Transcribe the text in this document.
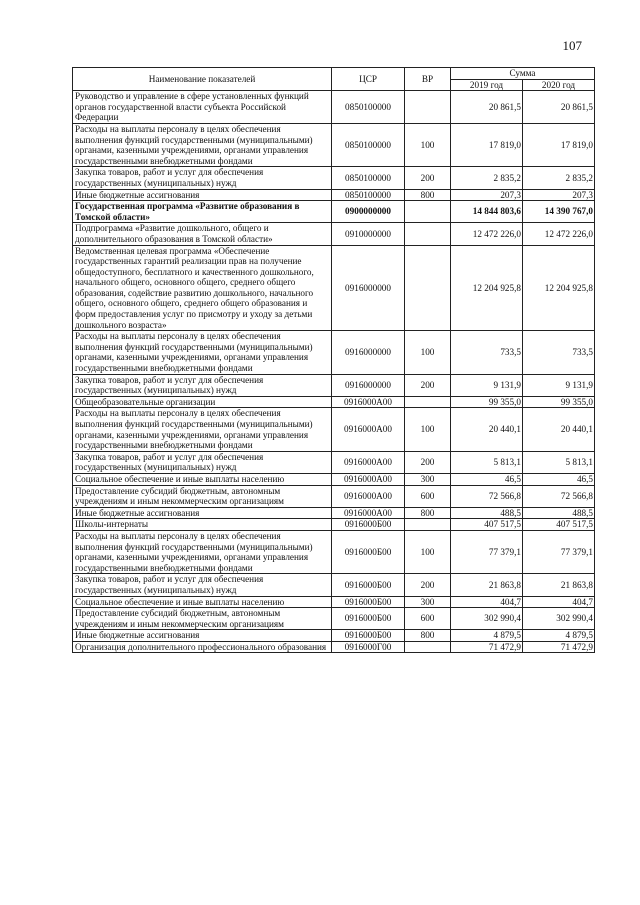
107
Наименование показателей	ЦСР	ВР	Сумма	
			2019 год	2020 год
Руководство и управление в сфере установленных функций органов государственной власти субъекта Российской Федерации	0850100000		20 861,5	20 861,5
Расходы на выплаты персоналу в целях обеспечения выполнения функций государственными (муниципальными) органами, казенными учреждениями, органами управления государственными внебюджетными фондами	0850100000	100	17 819,0	17 819,0
Закупка товаров, работ и услуг для обеспечения государственных (муниципальных) нужд	0850100000	200	2 835,2	2 835,2
Иные бюджетные ассигнования	0850100000	800	207,3	207,3
Государственная программа «Развитие образования в Томской области»	0900000000		14 844 803,6	14 390 767,0
Подпрограмма «Развитие дошкольного, общего и дополнительного образования в Томской области»	0910000000		12 472 226,0	12 472 226,0
Ведомственная целевая программа «Обеспечение государственных гарантий реализации прав на получение общедоступного, бесплатного и качественного дошкольного, начального общего, основного общего, среднего общего образования, содействие развитию дошкольного, начального общего, основного общего, среднего общего образования и форм предоставления услуг по присмотру и уходу за детьми дошкольного возраста»	0916000000		12 204 925,8	12 204 925,8
Расходы на выплаты персоналу в целях обеспечения выполнения функций государственными (муниципальными) органами, казенными учреждениями, органами управления государственными внебюджетными фондами	0916000000	100	733,5	733,5
Закупка товаров, работ и услуг для обеспечения государственных (муниципальных) нужд	0916000000	200	9 131,9	9 131,9
Общеобразовательные организации	0916000А00		99 355,0	99 355,0
Расходы на выплаты персоналу в целях обеспечения выполнения функций государственными (муниципальными) органами, казенными учреждениями, органами управления государственными внебюджетными фондами	0916000А00	100	20 440,1	20 440,1
Закупка товаров, работ и услуг для обеспечения государственных (муниципальных) нужд	0916000А00	200	5 813,1	5 813,1
Социальное обеспечение и иные выплаты населению	0916000А00	300	46,5	46,5
Предоставление субсидий бюджетным, автономным учреждениям и иным некоммерческим организациям	0916000А00	600	72 566,8	72 566,8
Иные бюджетные ассигнования	0916000А00	800	488,5	488,5
Школы-интернаты	0916000Б00		407 517,5	407 517,5
Расходы на выплаты персоналу в целях обеспечения выполнения функций государственными (муниципальными) органами, казенными учреждениями, органами управления государственными внебюджетными фондами	0916000Б00	100	77 379,1	77 379,1
Закупка товаров, работ и услуг для обеспечения государственных (муниципальных) нужд	0916000Б00	200	21 863,8	21 863,8
Социальное обеспечение и иные выплаты населению	0916000Б00	300	404,7	404,7
Предоставление субсидий бюджетным, автономным учреждениям и иным некоммерческим организациям	0916000Б00	600	302 990,4	302 990,4
Иные бюджетные ассигнования	0916000Б00	800	4 879,5	4 879,5
Организация дополнительного профессионального образования	0916000Г00		71 472,9	71 472,9
